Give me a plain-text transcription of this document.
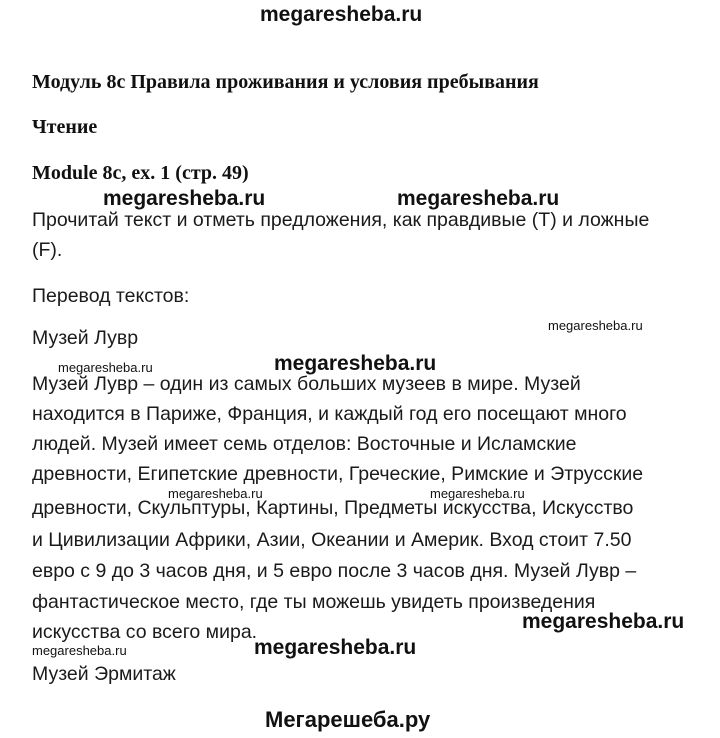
megaresheba.ru
Модуль 8с Правила проживания и условия пребывания
Чтение
Module 8c, ex. 1 (стр. 49)
megaresheba.ru	megaresheba.ru
Прочитай текст и отметь предложения, как правдивые (T) и ложные
(F).
Перевод текстов:
Музей Лувр
megaresheba.ru
megaresheba.ru	megaresheba.ru
Музей Лувр – один из самых больших музеев в мире. Музей
находится в Париже, Франция, и каждый год его посещают много
людей. Музей имеет семь отделов: Восточные и Исламские
древности, Египетские древности, Греческие, Римские и Этрусские
megaresheba.ru	megaresheba.ru
древности, Скульптуры, Картины, Предметы искусства, Искусство
и Цивилизации Африки, Азии, Океании и Америк. Вход стоит 7.50
евро с 9 до 3 часов дня, и 5 евро после 3 часов дня. Музей Лувр –
фантастическое место, где ты можешь увидеть произведения
megaresheba.ru
искусства со всего мира.
megaresheba.ru	megaresheba.ru
Музей Эрмитаж
Мегарешеба.ру
